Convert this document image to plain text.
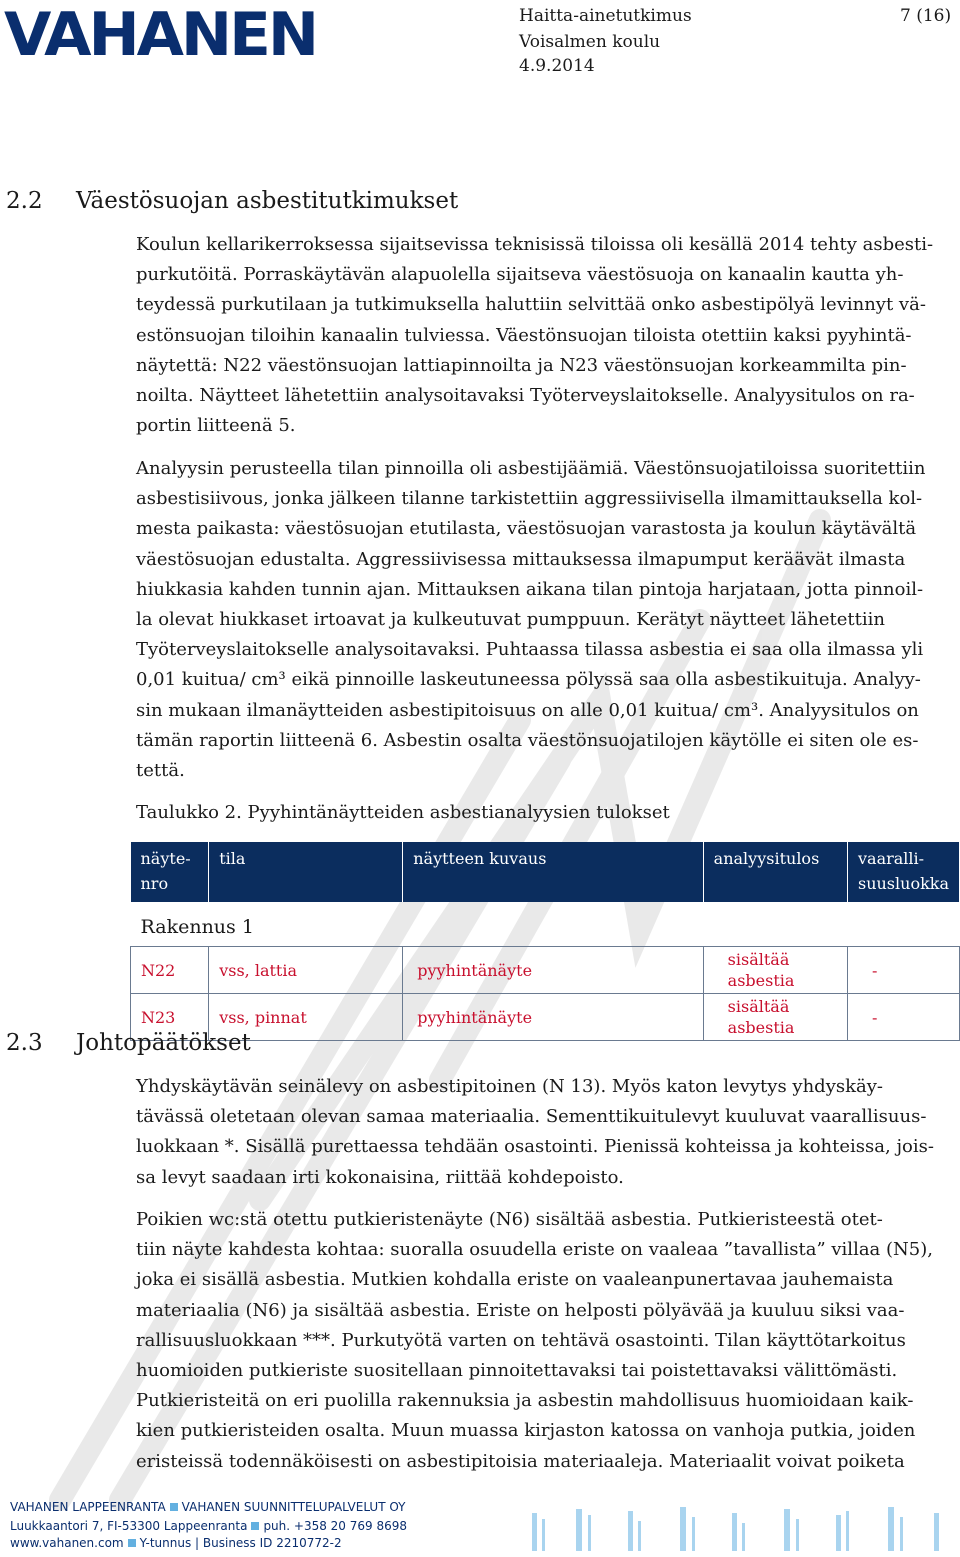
VAHANEN	Haitta-ainetutkimus
Voisalmen koulu
4.9.2014
7 (16)
2.2 Väestösuojan asbestitutkimukset
Koulun kellarikerroksessa sijaitsevissa teknisissä tiloissa oli kesällä 2014 tehty asbesti-
purkutöitä. Porraskäytävän alapuolella sijaitseva väestösuoja on kanaalin kautta yh-
teydessä purkutilaan ja tutkimuksella haluttiin selvittää onko asbestipölyä levinnyt vä-
estönsuojan tiloihin kanaalin tulviessa. Väestönsuojan tiloista otettiin kaksi pyyhintä-
näytettä: N22 väestönsuojan lattiapinnoilta ja N23 väestönsuojan korkeammilta pin-
noilta. Näytteet lähetettiin analysoitavaksi Työterveyslaitokselle. Analyysitulos on ra-
portin liitteenä 5.
Analyysin perusteella tilan pinnoilla oli asbestijäämiä. Väestönsuojatiloissa suoritettiin
asbestisiivous, jonka jälkeen tilanne tarkistettiin aggressiivisella ilmamittauksella kol-
mesta paikasta: väestösuojan etutilasta, väestösuojan varastosta ja koulun käytävältä
väestösuojan edustalta. Aggressiivisessa mittauksessa ilmapumput keräävät ilmasta
hiukkasia kahden tunnin ajan. Mittauksen aikana tilan pintoja harjataan, jotta pinnoil-
la olevat hiukkaset irtoavat ja kulkeutuvat pumppuun. Kerätyt näytteet lähetettiin
Työterveyslaitokselle analysoitavaksi. Puhtaassa tilassa asbestia ei saa olla ilmassa yli
0,01 kuitua/ cm³ eikä pinnoille laskeutuneessa pölyssä saa olla asbestikuituja. Analyy-
sin mukaan ilmanäytteiden asbestipitoisuus on alle 0,01 kuitua/ cm³. Analyysitulos on
tämän raportin liitteenä 6. Asbestin osalta väestönsuojatilojen käytölle ei siten ole es-
tettä.
Taulukko 2. Pyyhintänäytteiden asbestianalyysien tulokset
näyte-
nro	tila	näytteen kuvaus	analyysitulos	vaaralli-
suusluokka
Rakennus 1				
N22	vss, lattia	pyyhintänäyte	sisältää asbestia	-
N23	vss, pinnat	pyyhintänäyte	sisältää asbestia	-
2.3 Johtopäätökset
Yhdyskäytävän seinälevy on asbestipitoinen (N 13). Myös katon levytys yhdyskäy-
tävässä oletetaan olevan samaa materiaalia. Sementtikuitulevyt kuuluvat vaarallisuus-
luokkaan *. Sisällä purettaessa tehdään osastointi. Pienissä kohteissa ja kohteissa, jois-
sa levyt saadaan irti kokonaisina, riittää kohdepoisto.
Poikien wc:stä otettu putkieristenäyte (N6) sisältää asbestia. Putkieristeestä otet-
tiin näyte kahdesta kohtaa: suoralla osuudella eriste on vaaleaa ”tavallista” villaa (N5),
joka ei sisällä asbestia. Mutkien kohdalla eriste on vaaleanpunertavaa jauhemaista
materiaalia (N6) ja sisältää asbestia. Eriste on helposti pölyävää ja kuuluu siksi vaa-
rallisuusluokkaan ***. Purkutyötä varten on tehtävä osastointi. Tilan käyttötarkoitus
huomioiden putkieriste suositellaan pinnoitettavaksi tai poistettavaksi välittömästi.
Putkieristeitä on eri puolilla rakennuksia ja asbestin mahdollisuus huomioidaan kaik-
kien putkieristeiden osalta. Muun muassa kirjaston katossa on vanhoja putkia, joiden
eristeissä todennäköisesti on asbestipitoisia materiaaleja. Materiaalit voivat poiketa
VAHANEN LAPPEENRANTA VAHANEN SUUNNITTELUPALVELUT OY
Luukkaantori 7, FI-53300 Lappeenranta puh. +358 20 769 8698
www.vahanen.com Y-tunnus | Business ID 2210772-2
